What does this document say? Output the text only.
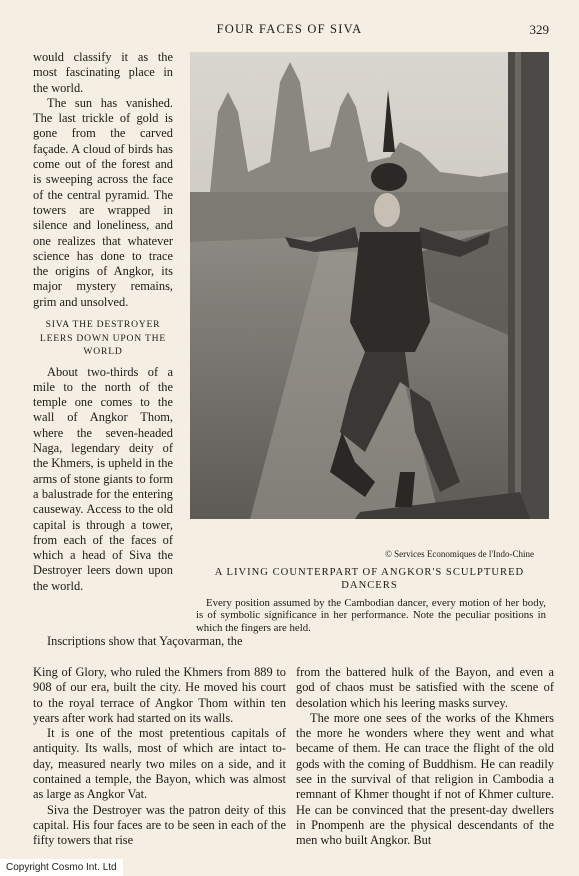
FOUR FACES OF SIVA	329

would classify it as the most fascinating place in the world.

The sun has vanished. The last trickle of gold is gone from the carved façade. A cloud of birds has come out of the forest and is sweeping across the face of the central pyramid. The towers are wrapped in silence and loneliness, and one realizes that whatever science has done to trace the origins of Angkor, its major mystery remains, grim and unsolved.

SIVA THE DESTROYER LEERS DOWN UPON THE WORLD

About two-thirds of a mile to the north of the temple one comes to the wall of Angkor Thom, where the seven-headed Naga, legendary deity of the Khmers, is upheld in the arms of stone giants to form a balustrade for the entering causeway. Access to the old capital is through a tower, from each of the faces of which a head of Siva the Destroyer leers down upon the world.

© Services Economiques de l'Indo-Chine
A LIVING COUNTERPART OF ANGKOR'S SCULPTURED DANCERS
Every position assumed by the Cambodian dancer, every motion of her body, is of symbolic significance in her performance. Note the peculiar positions in which the fingers are held.
Inscriptions show that Yaçovarman, the

King of Glory, who ruled the Khmers from 889 to 908 of our era, built the city. He moved his court to the royal terrace of Angkor Thom within ten years after work had started on its walls.

It is one of the most pretentious capitals of antiquity. Its walls, most of which are intact to-day, measured nearly two miles on a side, and it contained a temple, the Bayon, which was almost as large as Angkor Vat.

Siva the Destroyer was the patron deity of this capital. His four faces are to be seen in each of the fifty towers that rise

from the battered hulk of the Bayon, and even a god of chaos must be satisfied with the scene of desolation which his leering masks survey.

The more one sees of the works of the Khmers the more he wonders where they went and what became of them. He can trace the flight of the old gods with the coming of Buddhism. He can readily see in the survival of that religion in Cambodia a remnant of Khmer thought if not of Khmer culture. He can be convinced that the present-day dwellers in Pnompenh are the physical descendants of the men who built Angkor. But

Copyright Cosmo Int. Ltd
